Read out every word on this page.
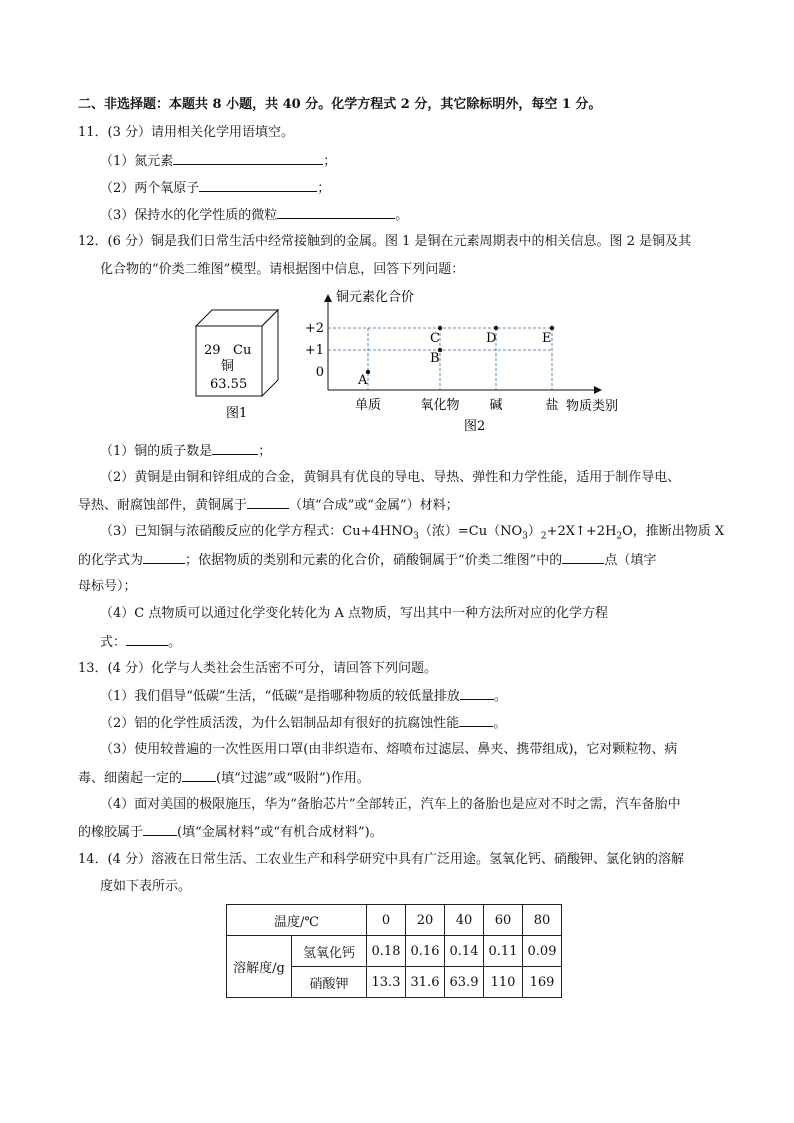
二、非选择题：本题共 8 小题，共 40 分。化学方程式 2 分，其它除标明外，每空 1 分。
11．(3 分）请用相关化学用语填空。
（1）氮元素	；
（2）两个氧原子	；
（3）保持水的化学性质的微粒	。
12．(6 分）铜是我们日常生活中经常接触到的金属。图 1 是铜在元素周期表中的相关信息。图 2 是铜及其
化合物的“价类二维图”模型。请根据图中信息，回答下列问题：
29 Cu
铜
63.55
图1
+2
+1
0
单质	氧化物 碱	盐
A
B
C	D	E
铜元素化合价
物质类别
图2
（1）铜的质子数是	；
（2）黄铜是由铜和锌组成的合金，黄铜具有优良的导电、导热、弹性和力学性能，适用于制作导电、
导热、耐腐蚀部件，黄铜属于	（填“合成”或“金属”）材料；
（3）已知铜与浓硝酸反应的化学方程式：$Cu+4HNO_3$（浓）$=Cu(NO_3)_2+2X↑+2H_2O$，推断出物质 X
的化学式为	；依据物质的类别和元素的化合价，硝酸铜属于“价类二维图”中的	点（填字
母标号）；
（4）C 点物质可以通过化学变化转化为 A 点物质，写出其中一种方法所对应的化学方程
式：	。
13．(4 分）化学与人类社会生活密不可分，请回答下列问题。
（1）我们倡导“低碳”生活，“低碳”是指哪种物质的较低量排放	。
（2）铝的化学性质活泼，为什么铝制品却有很好的抗腐蚀性能	。
（3）使用较普遍的一次性医用口罩(由非织造布、熔喷布过滤层、鼻夹、携带组成)，它对颗粒物、病
毒、细菌起一定的	(填“过滤”或“吸附”)作用。
（4）面对美国的极限施压，华为“备胎芯片”全部转正，汽车上的备胎也是应对不时之需，汽车备胎中
的橡胶属于	(填“金属材料”或“有机合成材料”)。
14．(4 分）溶液在日常生活、工农业生产和科学研究中具有广泛用途。氢氧化钙、硝酸钾、氯化钠的溶解
度如下表所示。
温度/℃		0	20	40	60	80
溶解度/g	氢氧化钙	0.18	0.16	0.14	0.11	0.09
	硝酸钾	13.3	31.6	63.9	110	169
